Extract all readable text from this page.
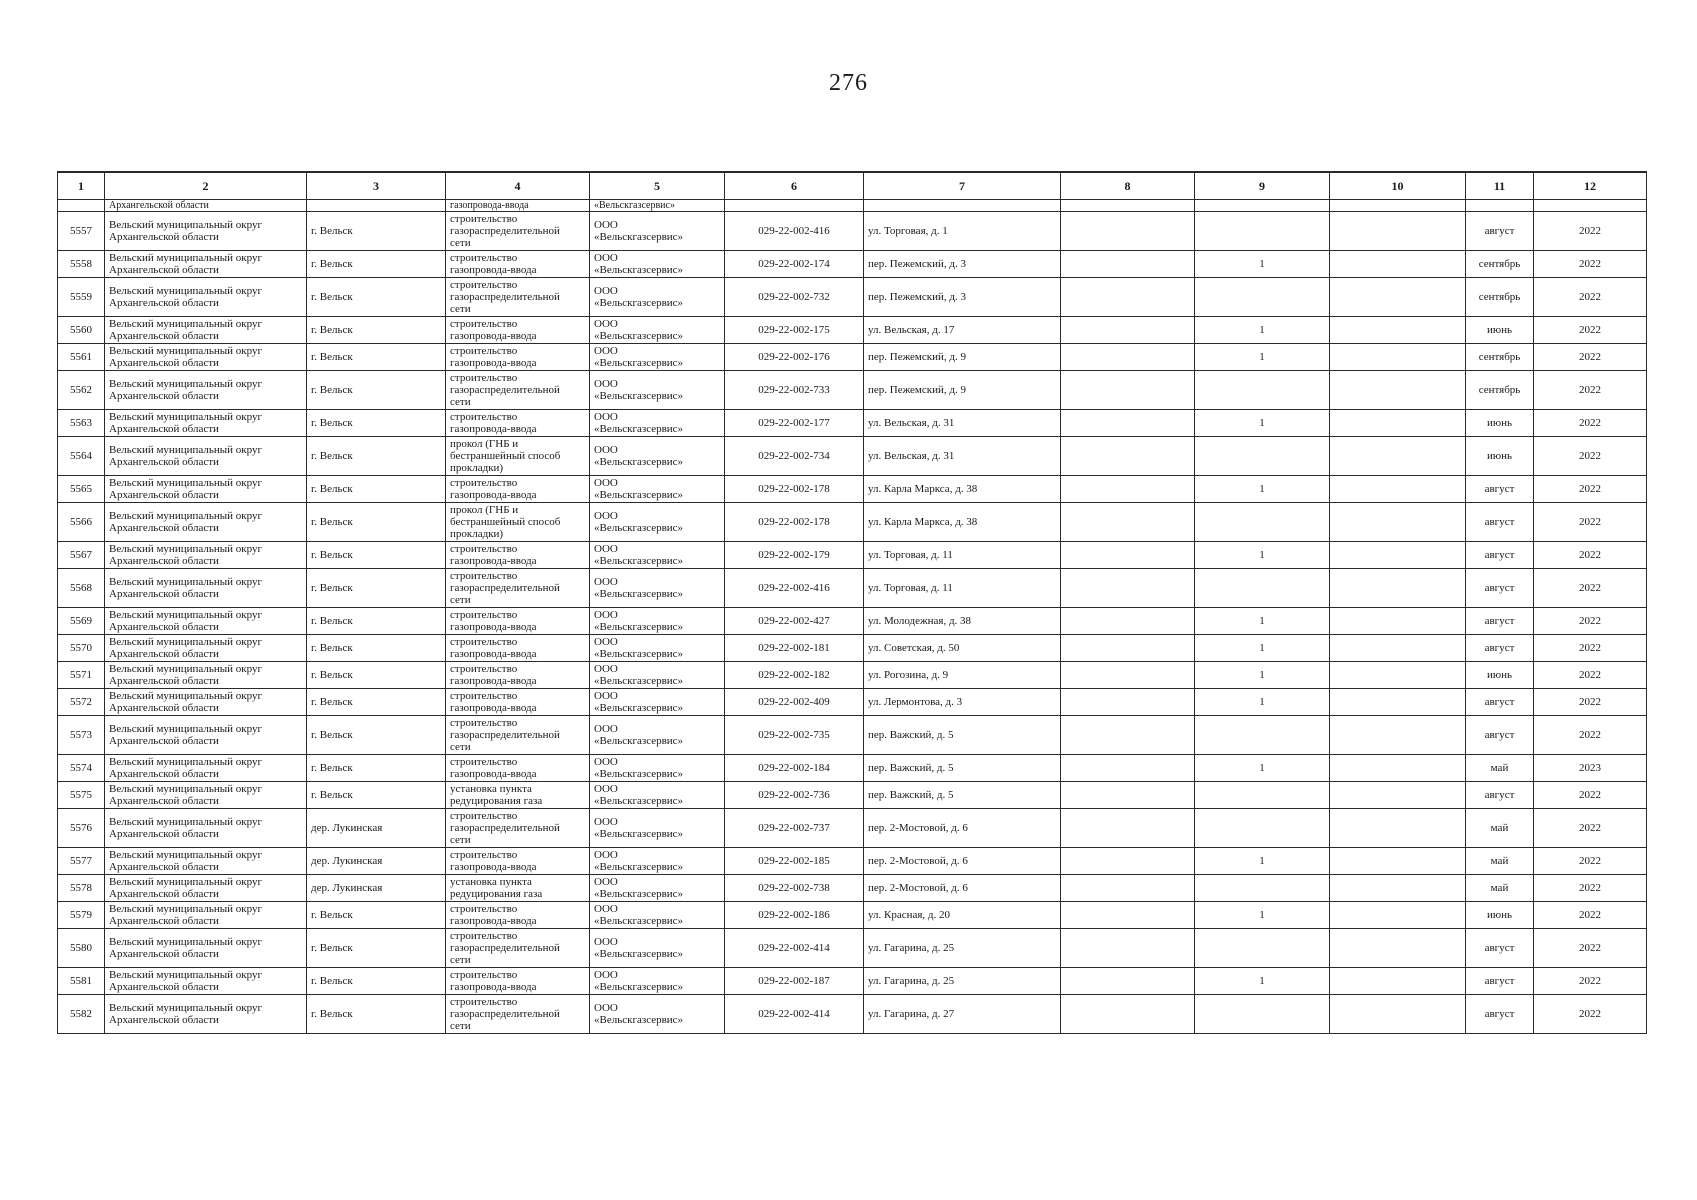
276
1	2	3	4	5	6	7	8	9	10	11	12
	Архангельской области		газопровода-ввода	«Вельскгазсервис»							
5557	Вельский муниципальный округ
Архангельской области	г. Вельск	строительство
газораспределительной
сети	ООО
«Вельскгазсервис»	029-22-002-416	ул. Торговая, д. 1				август	2022
5558	Вельский муниципальный округ
Архангельской области	г. Вельск	строительство
газопровода-ввода	ООО
«Вельскгазсервис»	029-22-002-174	пер. Пежемский, д. 3		1		сентябрь	2022
5559	Вельский муниципальный округ
Архангельской области	г. Вельск	строительство
газораспределительной
сети	ООО
«Вельскгазсервис»	029-22-002-732	пер. Пежемский, д. 3				сентябрь	2022
5560	Вельский муниципальный округ
Архангельской области	г. Вельск	строительство
газопровода-ввода	ООО
«Вельскгазсервис»	029-22-002-175	ул. Вельская, д. 17		1		июнь	2022
5561	Вельский муниципальный округ
Архангельской области	г. Вельск	строительство
газопровода-ввода	ООО
«Вельскгазсервис»	029-22-002-176	пер. Пежемский, д. 9		1		сентябрь	2022
5562	Вельский муниципальный округ
Архангельской области	г. Вельск	строительство
газораспределительной
сети	ООО
«Вельскгазсервис»	029-22-002-733	пер. Пежемский, д. 9				сентябрь	2022
5563	Вельский муниципальный округ
Архангельской области	г. Вельск	строительство
газопровода-ввода	ООО
«Вельскгазсервис»	029-22-002-177	ул. Вельская, д. 31		1		июнь	2022
5564	Вельский муниципальный округ
Архангельской области	г. Вельск	прокол (ГНБ и
бестраншейный способ
прокладки)	ООО
«Вельскгазсервис»	029-22-002-734	ул. Вельская, д. 31				июнь	2022
5565	Вельский муниципальный округ
Архангельской области	г. Вельск	строительство
газопровода-ввода	ООО
«Вельскгазсервис»	029-22-002-178	ул. Карла Маркса, д. 38		1		август	2022
5566	Вельский муниципальный округ
Архангельской области	г. Вельск	прокол (ГНБ и
бестраншейный способ
прокладки)	ООО
«Вельскгазсервис»	029-22-002-178	ул. Карла Маркса, д. 38				август	2022
5567	Вельский муниципальный округ
Архангельской области	г. Вельск	строительство
газопровода-ввода	ООО
«Вельскгазсервис»	029-22-002-179	ул. Торговая, д. 11		1		август	2022
5568	Вельский муниципальный округ
Архангельской области	г. Вельск	строительство
газораспределительной
сети	ООО
«Вельскгазсервис»	029-22-002-416	ул. Торговая, д. 11				август	2022
5569	Вельский муниципальный округ
Архангельской области	г. Вельск	строительство
газопровода-ввода	ООО
«Вельскгазсервис»	029-22-002-427	ул. Молодежная, д. 38		1		август	2022
5570	Вельский муниципальный округ
Архангельской области	г. Вельск	строительство
газопровода-ввода	ООО
«Вельскгазсервис»	029-22-002-181	ул. Советская, д. 50		1		август	2022
5571	Вельский муниципальный округ
Архангельской области	г. Вельск	строительство
газопровода-ввода	ООО
«Вельскгазсервис»	029-22-002-182	ул. Рогозина, д. 9		1		июнь	2022
5572	Вельский муниципальный округ
Архангельской области	г. Вельск	строительство
газопровода-ввода	ООО
«Вельскгазсервис»	029-22-002-409	ул. Лермонтова, д. 3		1		август	2022
5573	Вельский муниципальный округ
Архангельской области	г. Вельск	строительство
газораспределительной
сети	ООО
«Вельскгазсервис»	029-22-002-735	пер. Важский, д. 5				август	2022
5574	Вельский муниципальный округ
Архангельской области	г. Вельск	строительство
газопровода-ввода	ООО
«Вельскгазсервис»	029-22-002-184	пер. Важский, д. 5		1		май	2023
5575	Вельский муниципальный округ
Архангельской области	г. Вельск	установка пункта
редуцирования газа	ООО
«Вельскгазсервис»	029-22-002-736	пер. Важский, д. 5				август	2022
5576	Вельский муниципальный округ
Архангельской области	дер. Лукинская	строительство
газораспределительной
сети	ООО
«Вельскгазсервис»	029-22-002-737	пер. 2-Мостовой, д. 6				май	2022
5577	Вельский муниципальный округ
Архангельской области	дер. Лукинская	строительство
газопровода-ввода	ООО
«Вельскгазсервис»	029-22-002-185	пер. 2-Мостовой, д. 6		1		май	2022
5578	Вельский муниципальный округ
Архангельской области	дер. Лукинская	установка пункта
редуцирования газа	ООО
«Вельскгазсервис»	029-22-002-738	пер. 2-Мостовой, д. 6				май	2022
5579	Вельский муниципальный округ
Архангельской области	г. Вельск	строительство
газопровода-ввода	ООО
«Вельскгазсервис»	029-22-002-186	ул. Красная, д. 20		1		июнь	2022
5580	Вельский муниципальный округ
Архангельской области	г. Вельск	строительство
газораспределительной
сети	ООО
«Вельскгазсервис»	029-22-002-414	ул. Гагарина, д. 25				август	2022
5581	Вельский муниципальный округ
Архангельской области	г. Вельск	строительство
газопровода-ввода	ООО
«Вельскгазсервис»	029-22-002-187	ул. Гагарина, д. 25		1		август	2022
5582	Вельский муниципальный округ
Архангельской области	г. Вельск	строительство
газораспределительной
сети	ООО
«Вельскгазсервис»	029-22-002-414	ул. Гагарина, д. 27				август	2022
